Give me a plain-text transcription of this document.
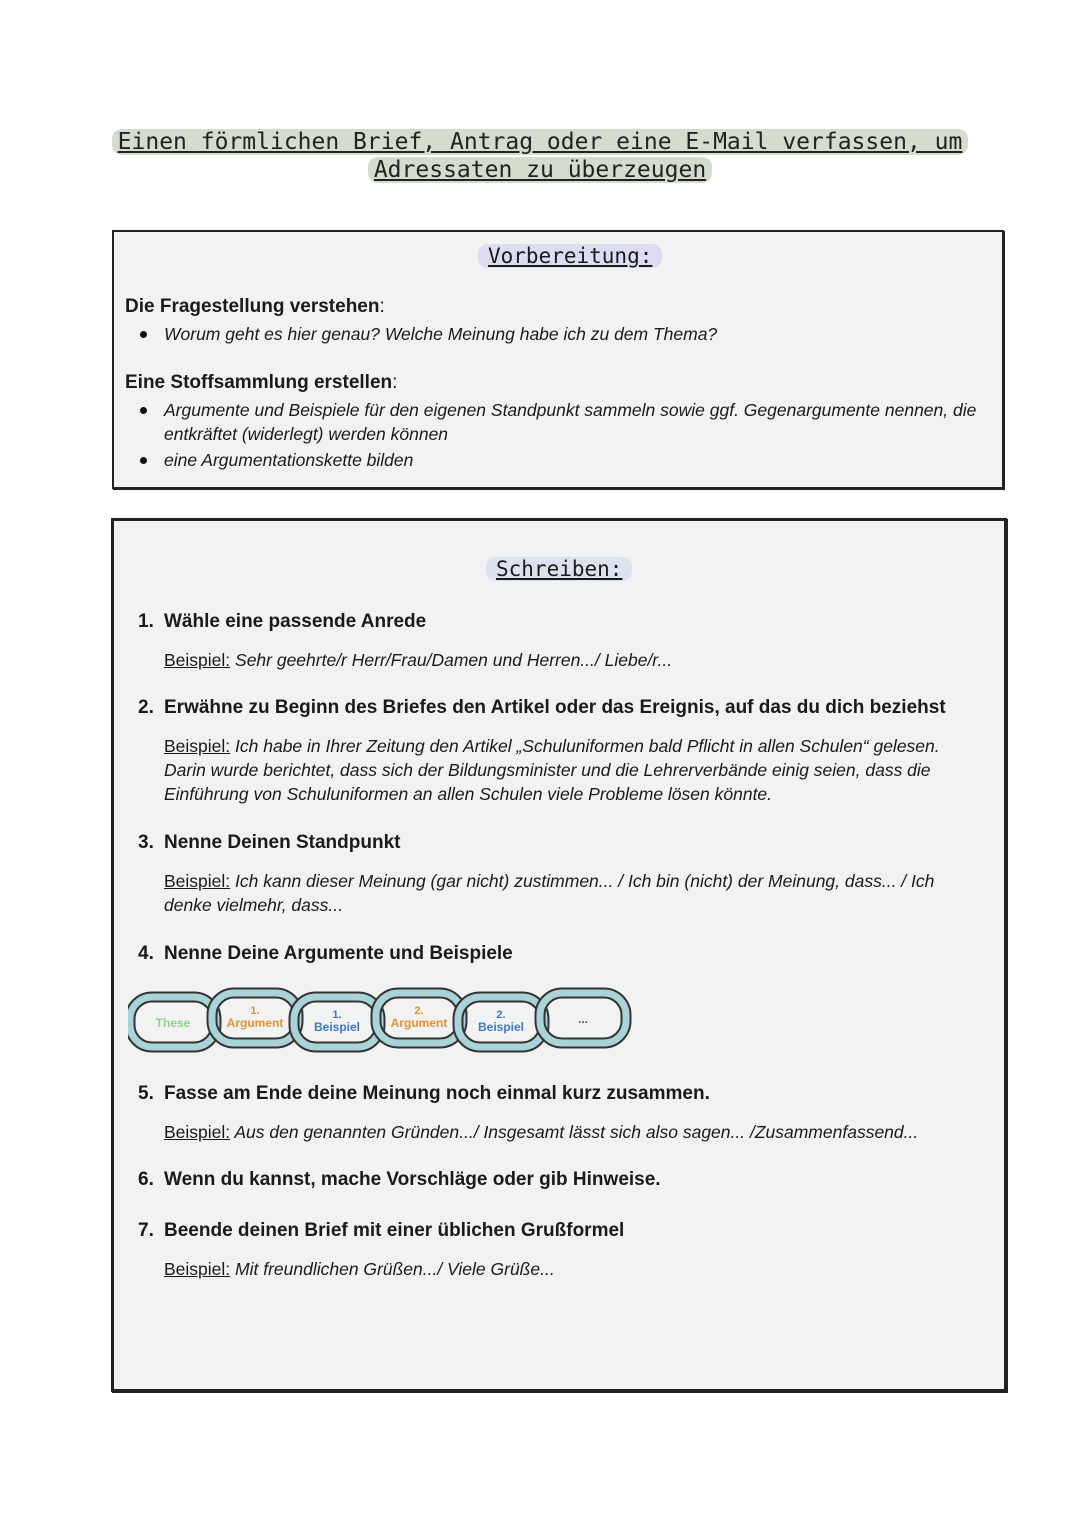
Einen förmlichen Brief, Antrag oder eine E-Mail verfassen, um
Adressaten zu überzeugen
Vorbereitung:
Die Fragestellung verstehen:
Worum geht es hier genau? Welche Meinung habe ich zu dem Thema?
Eine Stoffsammlung erstellen:
Argumente und Beispiele für den eigenen Standpunkt sammeln sowie ggf. Gegenargumente nennen, die entkräftet (widerlegt) werden können
eine Argumentationskette bilden
Schreiben:
1. Wähle eine passende Anrede
Beispiel: Sehr geehrte/r Herr/Frau/Damen und Herren.../ Liebe/r...
2. Erwähne zu Beginn des Briefes den Artikel oder das Ereignis, auf das du dich beziehst
Beispiel: Ich habe in Ihrer Zeitung den Artikel „Schuluniformen bald Pflicht in allen Schulen“ gelesen. Darin wurde berichtet, dass sich der Bildungsminister und die Lehrerverbände einig seien, dass die Einführung von Schuluniformen an allen Schulen viele Probleme lösen könnte.
3. Nenne Deinen Standpunkt
Beispiel: Ich kann dieser Meinung (gar nicht) zustimmen... / Ich bin (nicht) der Meinung, dass... / Ich denke vielmehr, dass...
4. Nenne Deine Argumente und Beispiele
These
1.
Argument
1.
Beispiel
2.
Argument
2.
Beispiel
...
5. Fasse am Ende deine Meinung noch einmal kurz zusammen.
Beispiel: Aus den genannten Gründen.../ Insgesamt lässt sich also sagen... /Zusammenfassend...
6. Wenn du kannst, mache Vorschläge oder gib Hinweise.
7. Beende deinen Brief mit einer üblichen Grußformel
Beispiel: Mit freundlichen Grüßen.../ Viele Grüße...
